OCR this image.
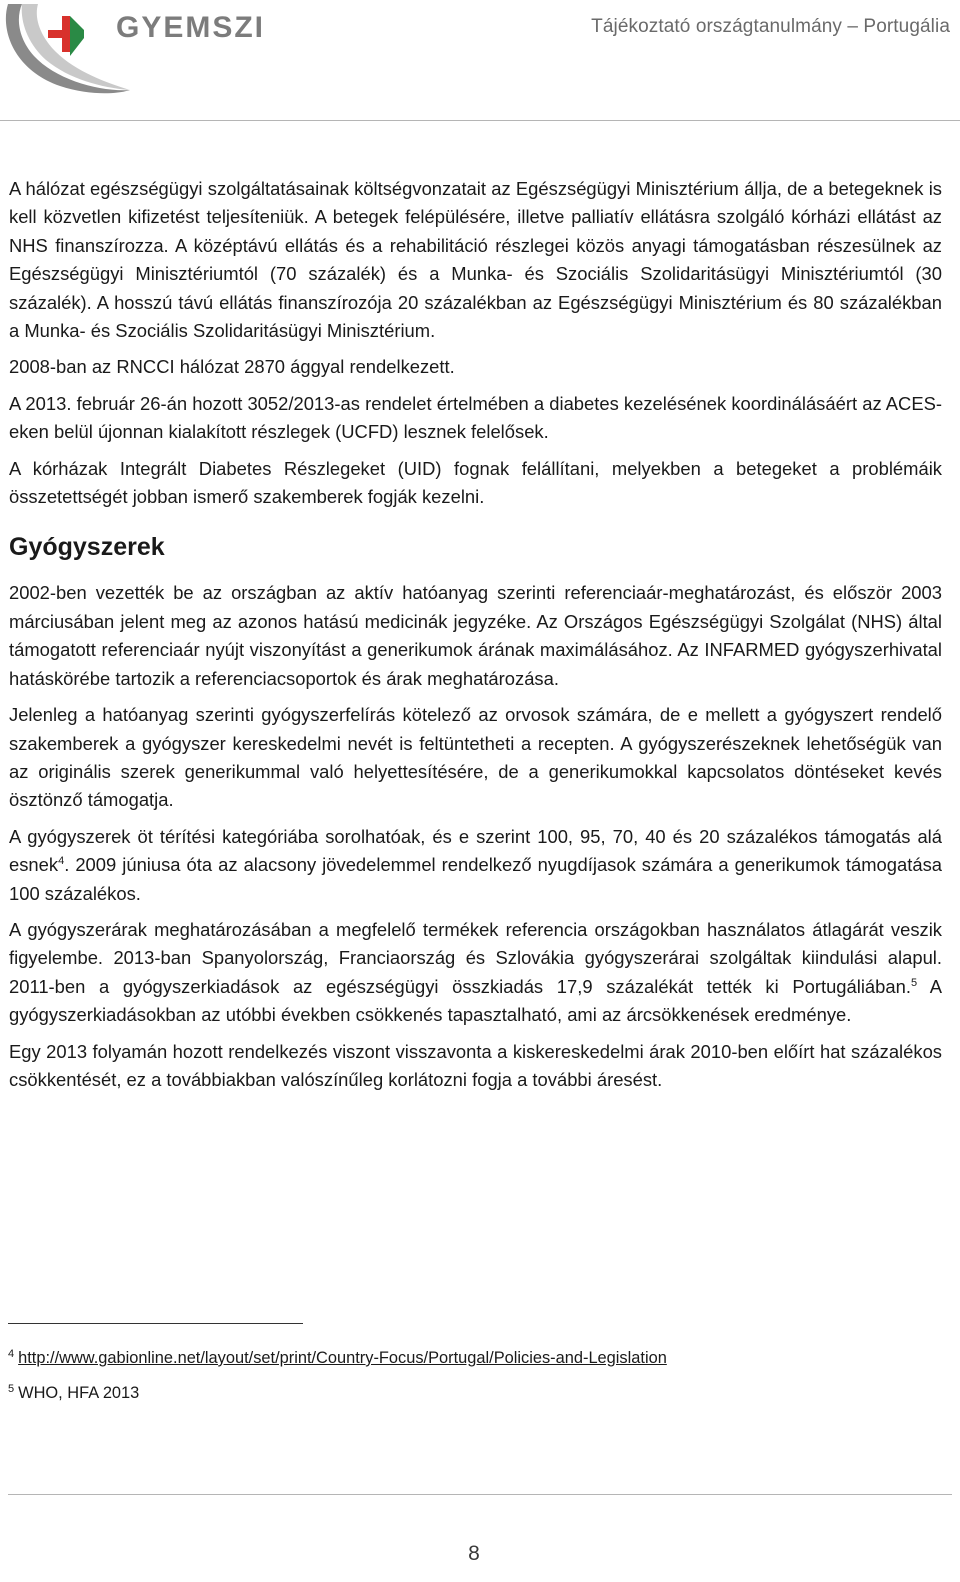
GYEMSZI	Tájékoztató országtanulmány – Portugália

A hálózat egészségügyi szolgáltatásainak költségvonzatait az Egészségügyi Minisztérium állja, de a betegeknek is kell közvetlen kifizetést teljesíteniük. A betegek felépülésére, illetve palliatív ellátásra szolgáló kórházi ellátást az NHS finanszírozza. A középtávú ellátás és a rehabilitáció részlegei közös anyagi támogatásban részesülnek az Egészségügyi Minisztériumtól (70 százalék) és a Munka- és Szociális Szolidaritásügyi Minisztériumtól (30 százalék). A hosszú távú ellátás finanszírozója 20 százalékban az Egészségügyi Minisztérium és 80 százalékban a Munka- és Szociális Szolidaritásügyi Minisztérium.

2008-ban az RNCCI hálózat 2870 ággyal rendelkezett.

A 2013. február 26-án hozott 3052/2013-as rendelet értelmében a diabetes kezelésének koordinálásáért az ACES-eken belül újonnan kialakított részlegek (UCFD) lesznek felelősek.

A kórházak Integrált Diabetes Részlegeket (UID) fognak felállítani, melyekben a betegeket a problémáik összetettségét jobban ismerő szakemberek fogják kezelni.

Gyógyszerek

2002-ben vezették be az országban az aktív hatóanyag szerinti referenciaár-meghatározást, és először 2003 márciusában jelent meg az azonos hatású medicinák jegyzéke. Az Országos Egészségügyi Szolgálat (NHS) által támogatott referenciaár nyújt viszonyítást a generikumok árának maximálásához. Az INFARMED gyógyszerhivatal hatáskörébe tartozik a referenciacsoportok és árak meghatározása.

Jelenleg a hatóanyag szerinti gyógyszerfelírás kötelező az orvosok számára, de e mellett a gyógyszert rendelő szakemberek a gyógyszer kereskedelmi nevét is feltüntetheti a recepten. A gyógyszerészeknek lehetőségük van az originális szerek generikummal való helyettesítésére, de a generikumokkal kapcsolatos döntéseket kevés ösztönző támogatja.

A gyógyszerek öt térítési kategóriába sorolhatóak, és e szerint 100, 95, 70, 40 és 20 százalékos támogatás alá esnek$^4$. 2009 júniusa óta az alacsony jövedelemmel rendelkező nyugdíjasok számára a generikumok támogatása 100 százalékos.

A gyógyszerárak meghatározásában a megfelelő termékek referencia országokban használatos átlagárát veszik figyelembe. 2013-ban Spanyolország, Franciaország és Szlovákia gyógyszerárai szolgáltak kiindulási alapul. 2011-ben a gyógyszerkiadások az egészségügyi összkiadás 17,9 százalékát tették ki Portugáliában.$^5$ A gyógyszerkiadásokban az utóbbi években csökkenés tapasztalható, ami az árcsökkenések eredménye.

Egy 2013 folyamán hozott rendelkezés viszont visszavonta a kiskereskedelmi árak 2010-ben előírt hat százalékos csökkentését, ez a továbbiakban valószínűleg korlátozni fogja a további áresést.

$^4$ http://www.gabionline.net/layout/set/print/Country-Focus/Portugal/Policies-and-Legislation
$^5$ WHO, HFA 2013
8
